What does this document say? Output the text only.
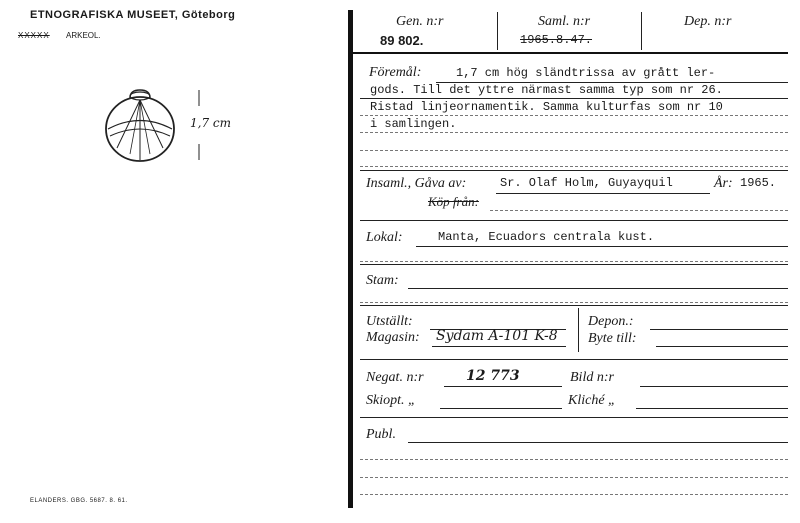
ETNOGRAFISKA MUSEET, Göteborg
XXXXX ARKEOL.
1,7 cm
ELANDERS. GBG. 5687. 8. 61.
Gen. n:r
89 802.
Saml. n:r
1965.8.47.
Dep. n:r
Föremål:	1,7 cm hög sländtrissa av grått ler-
gods. Till det yttre närmast samma typ som nr 26.
Ristad linjeornamentik. Samma kulturfas som nr 10
i samlingen.
Insaml., Gåva av:	Sr. Olaf Holm, Guyayquil	År: 1965.
Köp från:
Lokal:	Manta, Ecuadors centrala kust.
Stam:
Utställt:
Magasin: Sydam A-101 K-8
Depon.:
Byte till:
Negat. n:r	12 773	Bild n:r
Skiopt. „	Kliché „
Publ.
